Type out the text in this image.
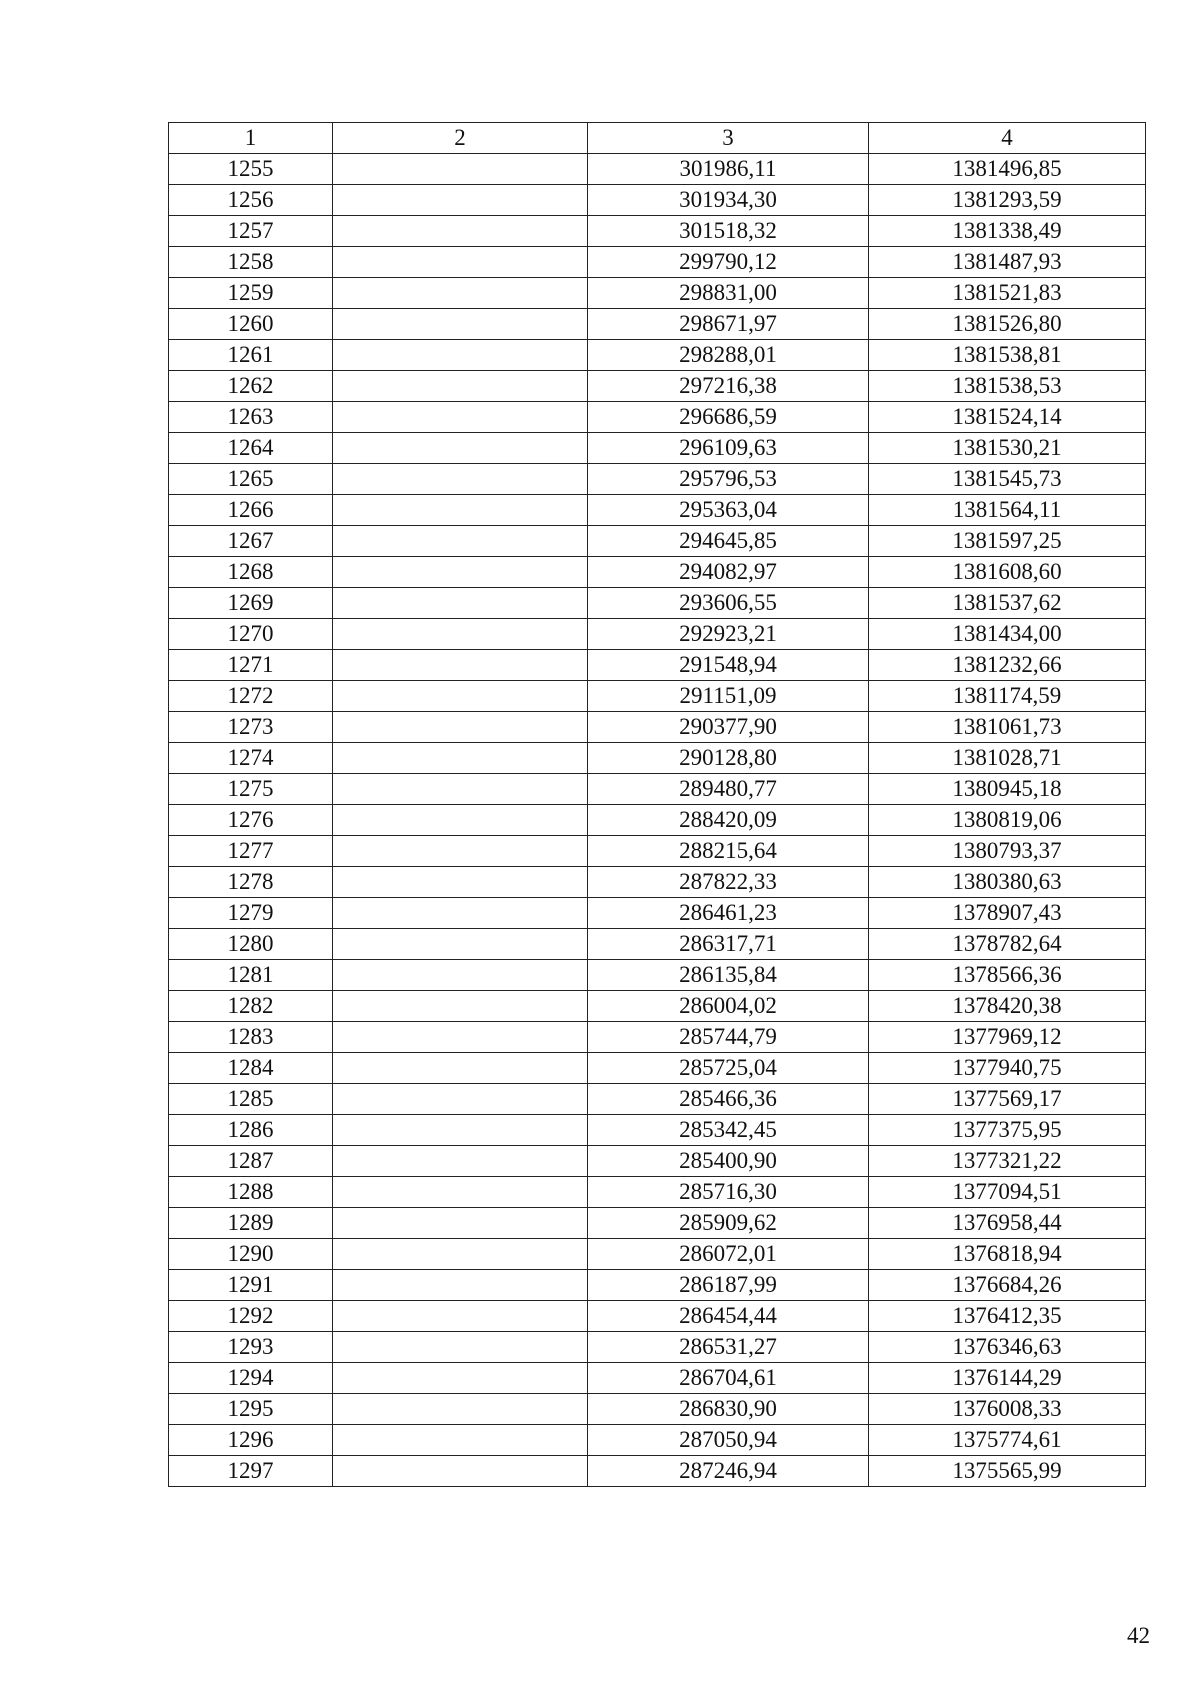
1	2	3	4
1255		301986,11	1381496,85
1256		301934,30	1381293,59
1257		301518,32	1381338,49
1258		299790,12	1381487,93
1259		298831,00	1381521,83
1260		298671,97	1381526,80
1261		298288,01	1381538,81
1262		297216,38	1381538,53
1263		296686,59	1381524,14
1264		296109,63	1381530,21
1265		295796,53	1381545,73
1266		295363,04	1381564,11
1267		294645,85	1381597,25
1268		294082,97	1381608,60
1269		293606,55	1381537,62
1270		292923,21	1381434,00
1271		291548,94	1381232,66
1272		291151,09	1381174,59
1273		290377,90	1381061,73
1274		290128,80	1381028,71
1275		289480,77	1380945,18
1276		288420,09	1380819,06
1277		288215,64	1380793,37
1278		287822,33	1380380,63
1279		286461,23	1378907,43
1280		286317,71	1378782,64
1281		286135,84	1378566,36
1282		286004,02	1378420,38
1283		285744,79	1377969,12
1284		285725,04	1377940,75
1285		285466,36	1377569,17
1286		285342,45	1377375,95
1287		285400,90	1377321,22
1288		285716,30	1377094,51
1289		285909,62	1376958,44
1290		286072,01	1376818,94
1291		286187,99	1376684,26
1292		286454,44	1376412,35
1293		286531,27	1376346,63
1294		286704,61	1376144,29
1295		286830,90	1376008,33
1296		287050,94	1375774,61
1297		287246,94	1375565,99
42
